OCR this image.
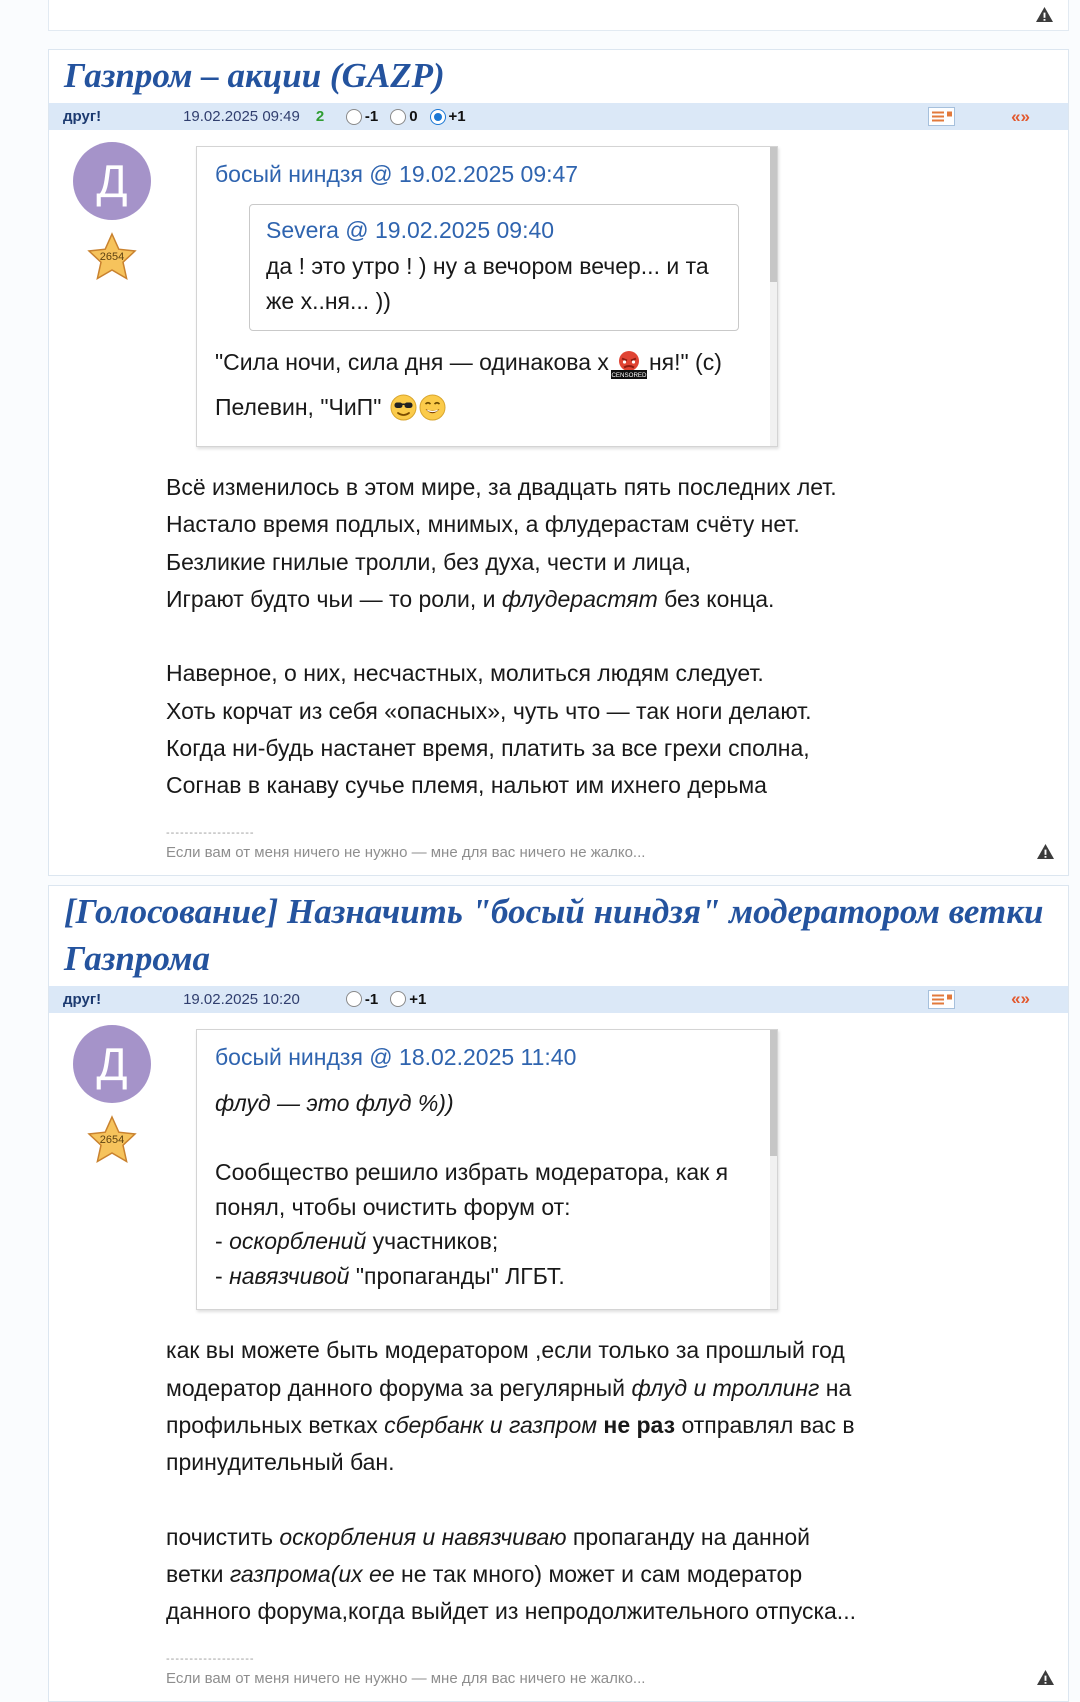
Газпром – акции (GAZP)
друг!	19.02.2025 09:49 2	-1 0 +1	«»
Д
2654
босый ниндзя @ 19.02.2025 09:47
Severa @ 19.02.2025 09:40
да ! это утро ! ) ну а вечором вечер... и та же х..ня... ))
"Сила ночи, сила дня — одинакова х
CENSORED
ня!" (с) Пелевин, "ЧиП"
Всё изменилось в этом мире, за двадцать пять последних лет.
Настало время подлых, мнимых, а флудерастам счёту нет.
Безликие гнилые тролли, без духа, чести и лица,
Играют будто чьи — то роли, и флудерастят без конца.

Наверное, о них, несчастных, молиться людям следует.
Хоть корчат из себя «опасных», чуть что — так ноги делают.
Когда ни-будь настанет время, платить за все грехи сполна,
Согнав в канаву сучье племя, нальют им ихнего дерьма
-------------------
Если вам от меня ничего не нужно — мне для вас ничего не жалко...
[Голосование] Назначить "босый ниндзя" модератором ветки Газпрома
друг!	19.02.2025 10:20	-1 +1	«»
Д
2654
босый ниндзя @ 18.02.2025 11:40
флуд — это флуд %))

Сообщество решило избрать модератора, как я понял, чтобы очистить форум от:
- оскорблений участников;
- навязчивой "пропаганды" ЛГБТ.
как вы можете быть модератором ,если только за прошлый год модератор данного форума за регулярный флуд и троллинг на профильных ветках сбербанк и газпром не раз отправлял вас в принудительный бан.

почистить оскорбления и навязчиваю пропаганду на данной ветки газпрома(их ее не так много) может и сам модератор данного форума,когда выйдет из непродолжительного отпуска...
-------------------
Если вам от меня ничего не нужно — мне для вас ничего не жалко...
